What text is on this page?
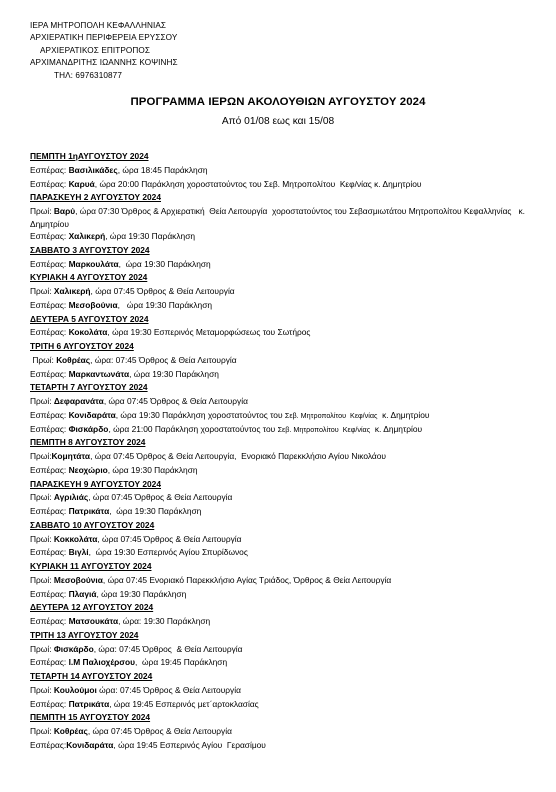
ΙΕΡΑ ΜΗΤΡΟΠΟΛΗ ΚΕΦΑΛΛΗΝΙΑΣ
ΑΡΧΙΕΡΑΤΙΚΗ ΠΕΡΙΦΕΡΕΙΑ ΕΡΥΣΣΟΥ
ΑΡΧΙΕΡΑΤΙΚΟΣ ΕΠΙΤΡΟΠΟΣ
ΑΡΧΙΜΑΝΔΡΙΤΗΣ ΙΩΑΝΝΗΣ ΚΟΨΙΝΗΣ
ΤΗΛ: 6976310877
ΠΡΟΓΡΑΜΜΑ ΙΕΡΩΝ ΑΚΟΛΟΥΘΙΩΝ ΑΥΓΟΥΣΤΟΥ 2024
Από 01/08 εως και 15/08
ΠΕΜΠΤΗ 1ηΑΥΓΟΥΣΤΟΥ 2024
Εσπέρας: Βασιλικάδες, ώρα 18:45 Παράκληση
Εσπέρας: Καρυά, ώρα 20:00 Παράκληση χοροστατούντος του Σεβ. Μητροπολίτου  Κεφ/νίας κ. Δημητρίου
ΠΑΡΑΣΚΕΥΗ 2 ΑΥΓΟΥΣΤΟΥ 2024
Πρωί: Βαρύ, ώρα 07:30 Όρθρος & Αρχιερατική  Θεία Λειτουργία  χοροστατούντος του Σεβασμιωτάτου Μητροπολίτου Κεφαλληνίας   κ. Δημητρίου
Εσπέρας: Χαλικερή, ώρα 19:30 Παράκληση
ΣΑΒΒΑΤΟ 3 ΑΥΓΟΥΣΤΟΥ 2024
Εσπέρας: Μαρκουλάτα,  ώρα 19:30 Παράκληση
ΚΥΡΙΑΚΗ 4 ΑΥΓΟΥΣΤΟΥ 2024
Πρωί: Χαλικερή, ώρα 07:45 Όρθρος & Θεία Λειτουργία
Εσπέρας: Μεσοβούνια,   ώρα 19:30 Παράκληση
ΔΕΥΤΕΡΑ 5 ΑΥΓΟΥΣΤΟΥ 2024
Εσπέρας: Κοκολάτα, ώρα 19:30 Εσπερινός Μεταμορφώσεως του Σωτήρος
ΤΡΙΤΗ 6 ΑΥΓΟΥΣΤΟΥ 2024
Πρωί: Κοθρέας, ώρα: 07:45 Όρθρος & Θεία Λειτουργία
Εσπέρας: Μαρκαντωνάτα, ώρα 19:30 Παράκληση
ΤΕΤΑΡΤΗ 7 ΑΥΓΟΥΣΤΟΥ 2024
Πρωί: Δεφαρανάτα, ώρα 07:45 Όρθρος & Θεία Λειτουργία
Εσπέρας: Κονιδαράτα, ώρα 19:30 Παράκληση χοροστατούντος του Σεβ. Μητροπολίτου  Κεφ/νίας  κ. Δημητρίου
Εσπέρας: Φισκάρδο, ώρα 21:00 Παράκληση χοροστατούντος του Σεβ. Μητροπολίτου  Κεφ/νίας  κ. Δημητρίου
ΠΕΜΠΤΗ 8 ΑΥΓΟΥΣΤΟΥ 2024
Πρωί:Κομητάτα, ώρα 07:45 Όρθρος & Θεία Λειτουργία,  Ενοριακό Παρεκκλήσιο Αγίου Νικολάου
Εσπέρας: Νεοχώριο, ώρα 19:30 Παράκληση
ΠΑΡΑΣΚΕΥΗ 9 ΑΥΓΟΥΣΤΟΥ 2024
Πρωί: Αγριλιάς, ώρα 07:45 Όρθρος & Θεία Λειτουργία
Εσπέρας: Πατρικάτα,  ώρα 19:30 Παράκληση
ΣΑΒΒΑΤΟ 10 ΑΥΓΟΥΣΤΟΥ 2024
Πρωί: Κοκκολάτα, ώρα 07:45 Όρθρος & Θεία Λειτουργία
Εσπέρας: Βιγλί,  ώρα 19:30 Εσπερινός Αγίου Σπυρίδωνος
ΚΥΡΙΑΚΗ 11 ΑΥΓΟΥΣΤΟΥ 2024
Πρωί: Μεσοβούνια, ώρα 07:45 Ενοριακό Παρεκκλήσιο Αγίας Τριάδος, Όρθρος & Θεία Λειτουργία
Εσπέρας: Πλαγιά, ώρα 19:30 Παράκληση
ΔΕΥΤΕΡΑ 12 ΑΥΓΟΥΣΤΟΥ 2024
Εσπέρας: Ματσουκάτα, ώρα: 19:30 Παράκληση
ΤΡΙΤΗ 13 ΑΥΓΟΥΣΤΟΥ 2024
Πρωί: Φισκάρδο, ώρα: 07:45 Όρθρος  & Θεία Λειτουργία
Εσπέρας: Ι.Μ Παλιοχέρσου,  ώρα 19:45 Παράκληση
ΤΕΤΑΡΤΗ 14 ΑΥΓΟΥΣΤΟΥ 2024
Πρωί: Κουλούμοι ώρα: 07:45 Όρθρος & Θεία Λειτουργία
Εσπέρας: Πατρικάτα, ώρα 19:45 Εσπερινός μετ΄αρτοκλασίας
ΠΕΜΠΤΗ 15 ΑΥΓΟΥΣΤΟΥ 2024
Πρωί: Κοθρέας, ώρα 07:45 Όρθρος & Θεία Λειτουργία
Εσπέρας:Κονιδαράτα, ώρα 19:45 Εσπερινός Αγίου  Γερασίμου
